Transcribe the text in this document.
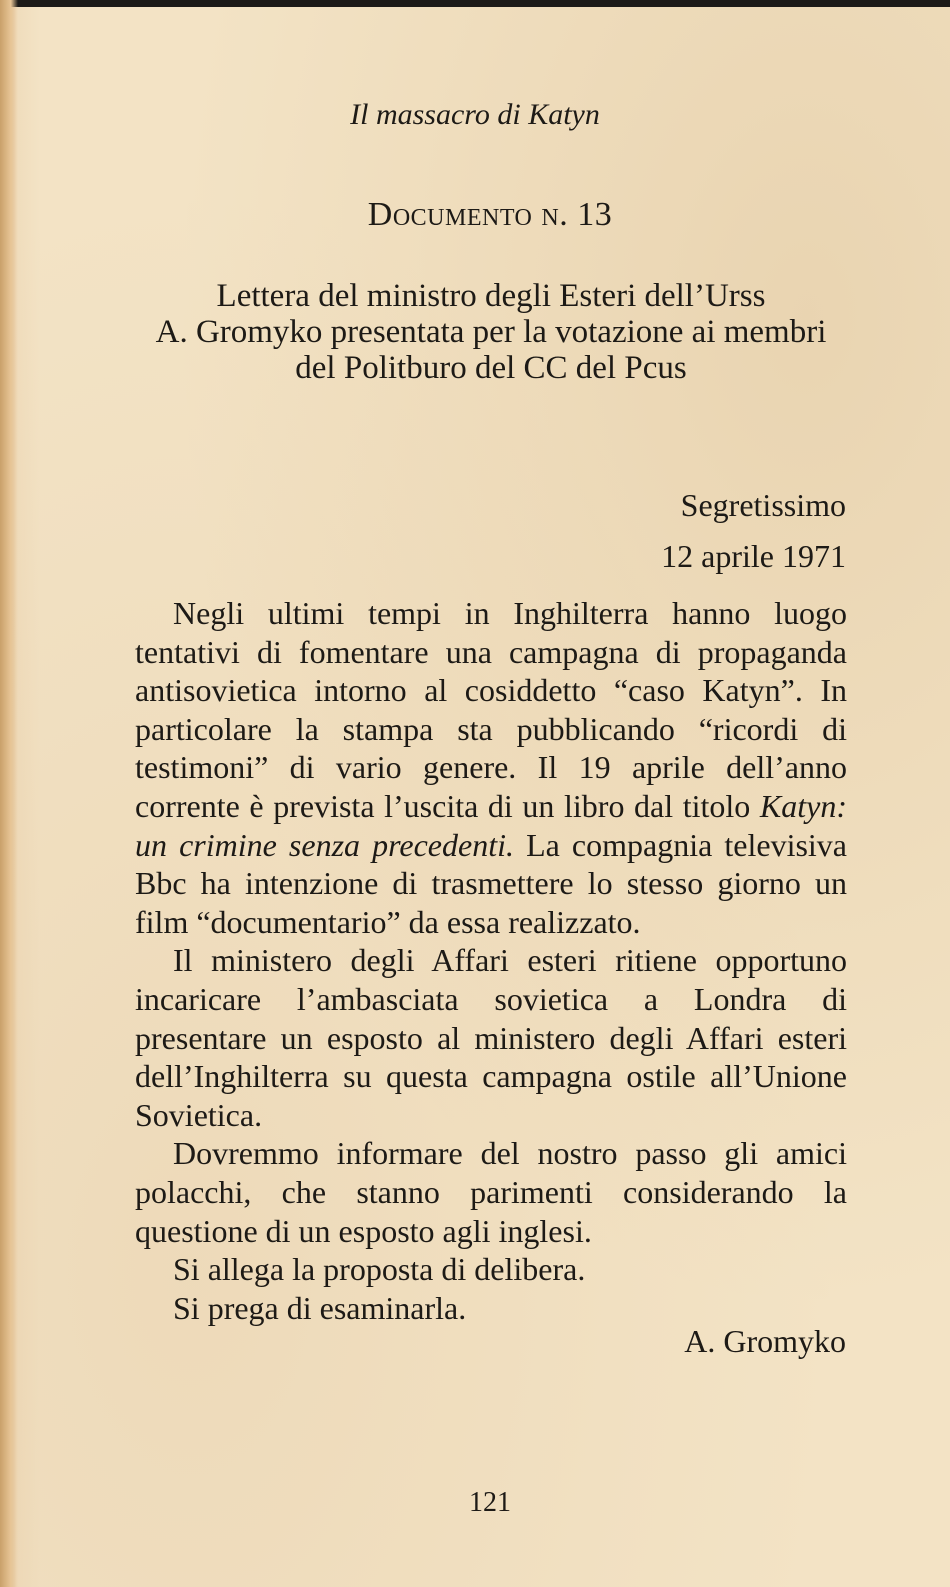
Il massacro di Katyn
Documento n. 13
Lettera del ministro degli Esteri dell’Urss
A. Gromyko presentata per la votazione ai membri
del Politburo del CC del Pcus
Segretissimo
12 aprile 1971

Negli ultimi tempi in Inghilterra hanno luogo tentativi di fomentare una campagna di propaganda antisovietica intorno al cosiddetto “caso Katyn”. In particolare la stampa sta pubblicando “ricordi di testimoni” di vario genere. Il 19 aprile dell’anno corrente è prevista l’uscita di un libro dal titolo Katyn: un crimine senza precedenti. La compagnia televisiva Bbc ha intenzione di trasmettere lo stesso giorno un film “documentario” da essa realizzato.

Il ministero degli Affari esteri ritiene opportuno incaricare l’ambasciata sovietica a Londra di presentare un esposto al ministero degli Affari esteri dell’Inghilterra su questa campagna ostile all’Unione Sovietica.

Dovremmo informare del nostro passo gli amici polacchi, che stanno parimenti considerando la questione di un esposto agli inglesi.

Si allega la proposta di delibera.

Si prega di esaminarla.

A. Gromyko
121
